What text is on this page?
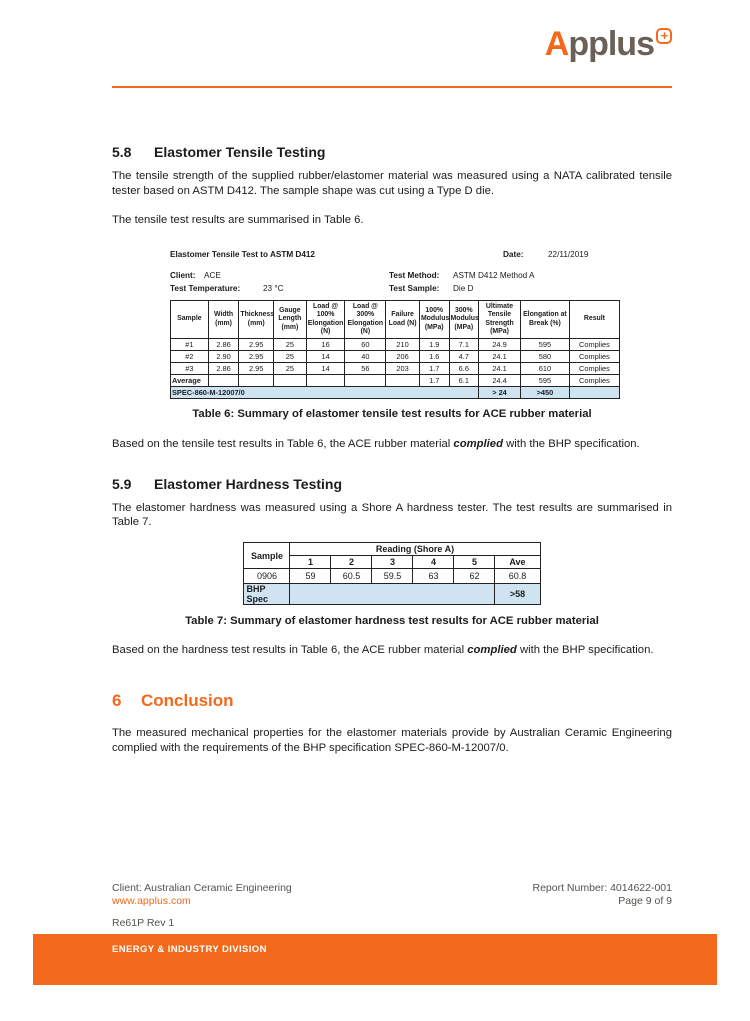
Applus +
5.8	Elastomer Tensile Testing
The tensile strength of the supplied rubber/elastomer material was measured using a NATA calibrated tensile tester based on ASTM D412. The sample shape was cut using a Type D die.
The tensile test results are summarised in Table 6.
Elastomer Tensile Test to ASTM D412	Date:	22/11/2019
Client: ACE	Test Method: ASTM D412 Method A
Test Temperature:	23 °C	Test Sample: Die D
Sample	Width (mm)	Thickness (mm)	Gauge Length (mm)	Load @ 100% Elongation (N)	Load @ 300% Elongation (N)	Failure Load (N)	100% Modulus (MPa)	300% Modulus (MPa)	Ultimate Tensile Strength (MPa)	Elongation at Break (%)	Result
#1	2.86	2.95	25	16	60	210	1.9	7.1	24.9	595	Complies
#2	2.90	2.95	25	14	40	206	1.6	4.7	24.1	580	Complies
#3	2.86	2.95	25	14	56	203	1.7	6.6	24.1	610	Complies
Average							1.7	6.1	24.4	595	Complies
SPEC-860-M-12007/0									> 24	>450	
Table 6: Summary of elastomer tensile test results for ACE rubber material
Based on the tensile test results in Table 6, the ACE rubber material complied with the BHP specification.
5.9	Elastomer Hardness Testing
The elastomer hardness was measured using a Shore A hardness tester. The test results are summarised in Table 7.
Sample	Reading (Shore A)					
	1	2	3	4	5	Ave
0906	59	60.5	59.5	63	62	60.8
BHP Spec						>58
Table 7: Summary of elastomer hardness test results for ACE rubber material
Based on the hardness test results in Table 6, the ACE rubber material complied with the BHP specification.
6	Conclusion
The measured mechanical properties for the elastomer materials provide by Australian Ceramic Engineering complied with the requirements of the BHP specification SPEC-860-M-12007/0.
Client: Australian Ceramic Engineering
www.applus.com
Report Number: 4014622-001
Page 9 of 9
Re61P Rev 1
ENERGY & INDUSTRY DIVISION
